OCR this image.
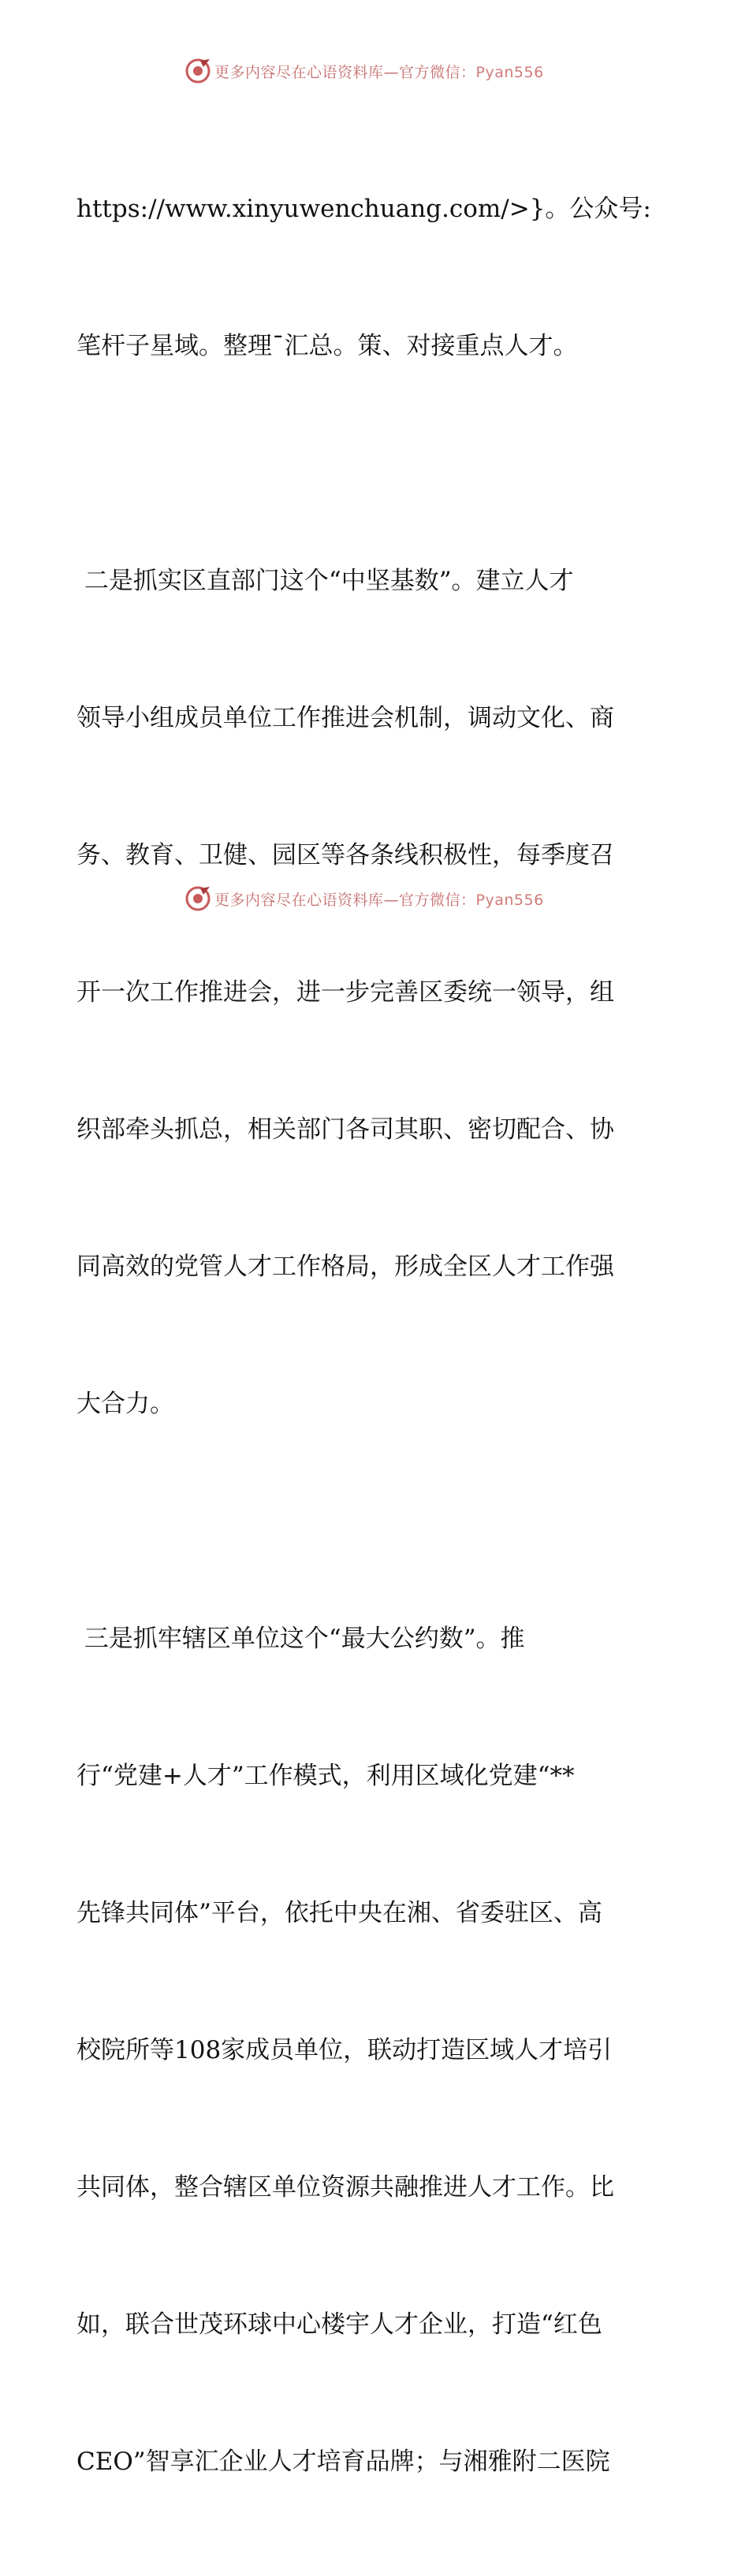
更多内容尽在心语资料库—官方微信：Pyan556

https://www.xinyuwenchuang.com/>}。公众号:

笔杆子星域。整理¯汇总。策、对接重点人才。

二是抓实区直部门这个“中坚基数”。建立人才

领导小组成员单位工作推进会机制，调动文化、商

务、教育、卫健、园区等各条线积极性，每季度召

开一次工作推进会，进一步完善区委统一领导，组

织部牵头抓总，相关部门各司其职、密切配合、协

同高效的党管人才工作格局，形成全区人才工作强

大合力。

三是抓牢辖区单位这个“最大公约数”。推

行“党建+人才”工作模式，利用区域化党建“**

先锋共同体”平台，依托中央在湘、省委驻区、高

校院所等108家成员单位，联动打造区域人才培引

共同体，整合辖区单位资源共融推进人才工作。比

如，联合世茂环球中心楼宇人才企业，打造“红色

CEO”智享汇企业人才培育品牌；与湘雅附二医院

更多内容尽在心语资料库—官方微信：Pyan556
